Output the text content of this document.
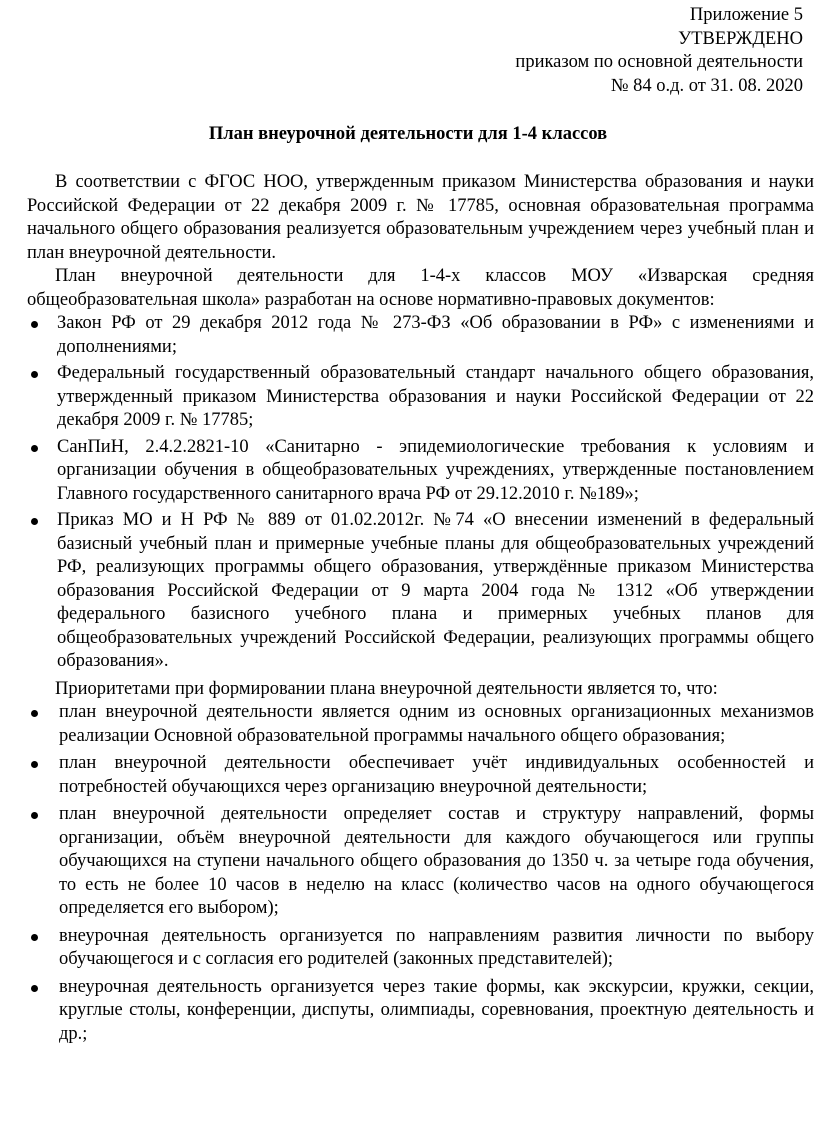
Приложение 5
УТВЕРЖДЕНО
приказом по основной деятельности
№ 84 о.д. от 31. 08. 2020
План внеурочной деятельности для 1-4 классов

В соответствии с ФГОС НОО, утвержденным приказом Министерства образования и науки Российской Федерации от 22 декабря 2009 г. № 17785, основная образовательная программа начального общего образования реализуется образовательным учреждением через учебный план и план внеурочной деятельности.

План внеурочной деятельности для 1-4-х классов МОУ «Изварская средняя общеобразовательная школа» разработан на основе нормативно-правовых документов:

Закон РФ от 29 декабря 2012 года № 273-ФЗ «Об образовании в РФ» с изменениями и дополнениями;
Федеральный государственный образовательный стандарт начального общего образования, утвержденный приказом Министерства образования и науки Российской Федерации от 22 декабря 2009 г. № 17785;
СанПиН, 2.4.2.2821-10 «Санитарно - эпидемиологические требования к условиям и организации обучения в общеобразовательных учреждениях, утвержденные постановлением Главного государственного санитарного врача РФ от 29.12.2010 г. №189»;
Приказ МО и Н РФ № 889 от 01.02.2012г. №74 «О внесении изменений в федеральный базисный учебный план и примерные учебные планы для общеобразовательных учреждений РФ, реализующих программы общего образования, утверждённые приказом Министерства образования Российской Федерации от 9 марта 2004 года № 1312 «Об утверждении федерального базисного учебного плана и примерных учебных планов для общеобразовательных учреждений Российской Федерации, реализующих программы общего образования».

Приоритетами при формировании плана внеурочной деятельности является то, что:

план внеурочной деятельности является одним из основных организационных механизмов реализации Основной образовательной программы начального общего образования;
план внеурочной деятельности обеспечивает учёт индивидуальных особенностей и потребностей обучающихся через организацию внеурочной деятельности;
план внеурочной деятельности определяет состав и структуру направлений, формы организации, объём внеурочной деятельности для каждого обучающегося или группы обучающихся на ступени начального общего образования до 1350 ч. за четыре года обучения, то есть не более 10 часов в неделю на класс (количество часов на одного обучающегося определяется его выбором);
внеурочная деятельность организуется по направлениям развития личности по выбору обучающегося и с согласия его родителей (законных представителей);
внеурочная деятельность организуется через такие формы, как экскурсии, кружки, секции, круглые столы, конференции, диспуты, олимпиады, соревнования, проектную деятельность и др.;
